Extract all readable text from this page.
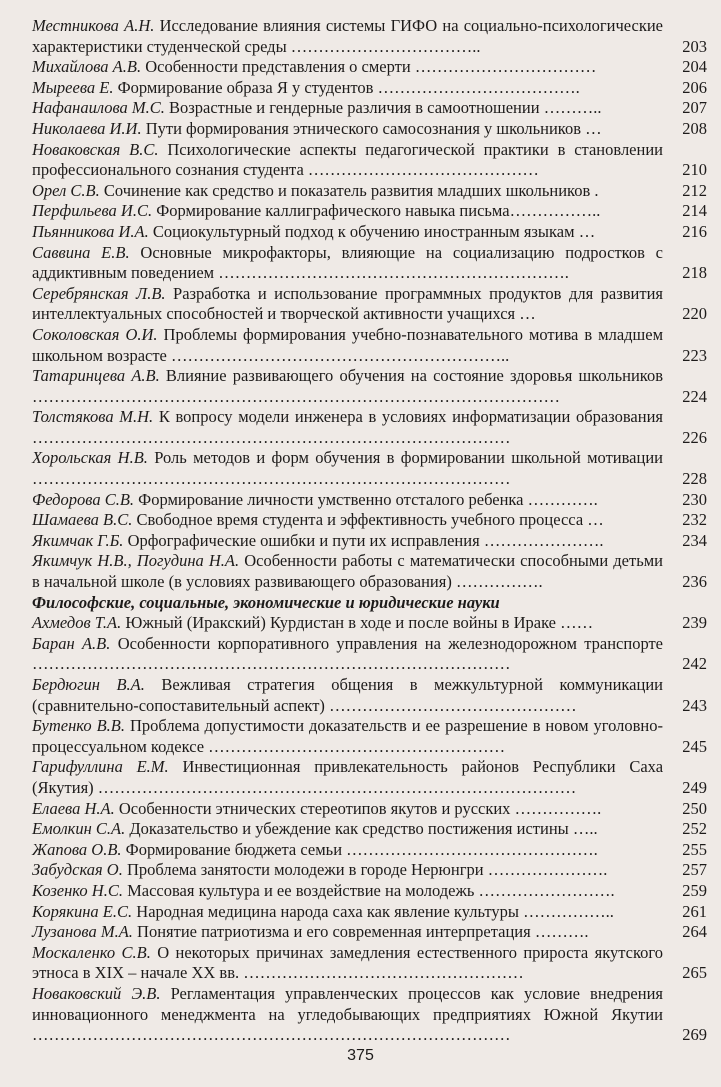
Местникова А.Н. Исследование влияния системы ГИФО на социально-психологические характеристики студенческой среды ……………………………..	203
Михайлова А.В. Особенности представления о смерти ……………………………	204
Мыреева Е. Формирование образа Я у студентов ……………………………….	206
Нафанаилова М.С. Возрастные и гендерные различия в самоотношении ………..	207
Николаева И.И. Пути формирования этнического самосознания у школьников …	208
Новаковская В.С. Психологические аспекты педагогической практики в становлении профессионального сознания студента ……………………………………	210
Орел С.В. Сочинение как средство и показатель развития младших школьников .	212
Перфильева И.С. Формирование каллиграфического навыка письма……………..	214
Пьянникова И.А. Социокультурный подход к обучению иностранным языкам …	216
Саввина Е.В. Основные микрофакторы, влияющие на социализацию подростков с аддиктивным поведением ……………………………………………………….	218
Серебрянская Л.В. Разработка и использование программных продуктов для развития интеллектуальных способностей и творческой активности учащихся …	220
Соколовская О.И. Проблемы формирования учебно-познавательного мотива в младшем школьном возрасте ……………………………………………………..	223
Татаринцева А.В. Влияние развивающего обучения на состояние здоровья школьников ……………………………………………………………………………………	224
Толстякова М.Н. К вопросу модели инженера в условиях информатизации образования ……………………………………………………………………………	226
Хорольская Н.В. Роль методов и форм обучения в формировании школьной мотивации ……………………………………………………………………………	228
Федорова С.В. Формирование личности умственно отсталого ребенка ………….	230
Шамаева В.С. Свободное время студента и эффективность учебного процесса …	232
Якимчак Г.Б. Орфографические ошибки и пути их исправления ………………….	234
Якимчук Н.В., Погудина Н.А. Особенности работы с математически способными детьми в начальной школе (в условиях развивающего образования) …………….	236
Философские, социальные, экономические и юридические науки
Ахмедов Т.А. Южный (Иракский) Курдистан в ходе и после войны в Ираке ……	239
Баран А.В. Особенности корпоративного управления на железнодорожном транспорте ……………………………………………………………………………	242
Бердюгин В.А. Вежливая стратегия общения в межкультурной коммуникации (сравнительно-сопоставительный аспект) ………………………………………	243
Бутенко В.В. Проблема допустимости доказательств и ее разрешение в новом уголовно-процессуальном кодексе ………………………………………………	245
Гарифуллина Е.М. Инвестиционная привлекательность районов Республики Саха (Якутия) ……………………………………………………………………………	249
Елаева Н.А. Особенности этнических стереотипов якутов и русских …………….	250
Емолкин С.А. Доказательство и убеждение как средство постижения истины …..	252
Жапова О.В. Формирование бюджета семьи ……………………………………….	255
Забудская О. Проблема занятости молодежи в городе Нерюнгри ………………….	257
Козенко Н.С. Массовая культура и ее воздействие на молодежь …………………….	259
Корякина Е.С. Народная медицина народа саха как явление культуры ……………..	261
Лузанова М.А. Понятие патриотизма и его современная интерпретация ……….	264
Москаленко С.В. О некоторых причинах замедления естественного прироста якутского этноса в XIX – начале XX вв. ……………………………………………	265
Новаковский Э.В. Регламентация управленческих процессов как условие внедрения инновационного менеджмента на угледобывающих предприятиях Южной Якутии ……………………………………………………………………………	269
375
